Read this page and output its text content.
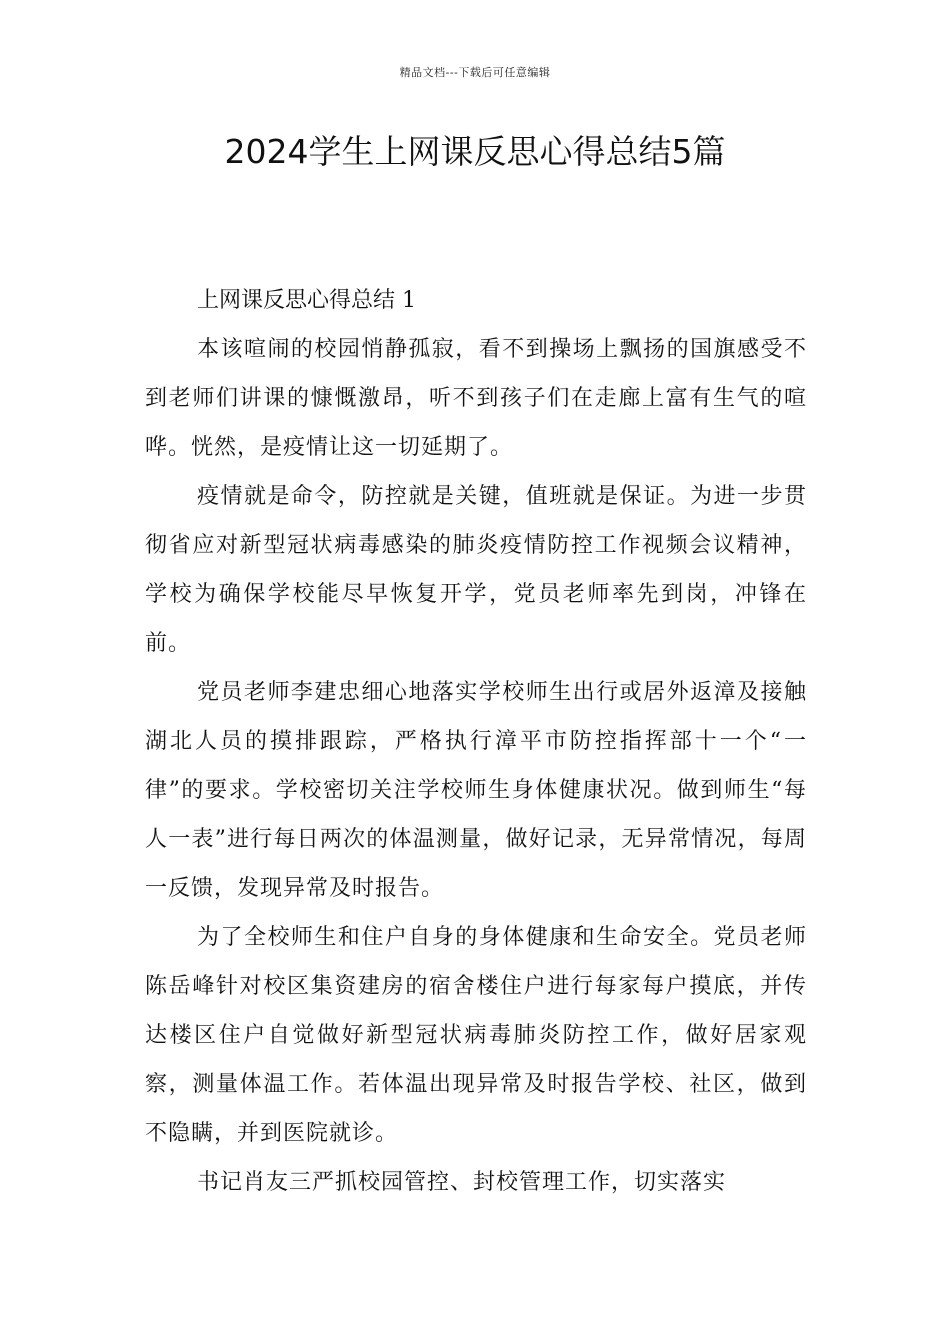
精品文档---下载后可任意编辑
2024学生上网课反思心得总结5篇

上网课反思心得总结 1

本该喧闹的校园悄静孤寂，看不到操场上飘扬的国旗感受不到老师们讲课的慷慨激昂，听不到孩子们在走廊上富有生气的喧哗。恍然，是疫情让这一切延期了。

疫情就是命令，防控就是关键，值班就是保证。为进一步贯彻省应对新型冠状病毒感染的肺炎疫情防控工作视频会议精神，学校为确保学校能尽早恢复开学，党员老师率先到岗，冲锋在前。

党员老师李建忠细心地落实学校师生出行或居外返漳及接触湖北人员的摸排跟踪，严格执行漳平市防控指挥部十一个“一律”的要求。学校密切关注学校师生身体健康状况。做到师生“每人一表”进行每日两次的体温测量，做好记录，无异常情况，每周一反馈，发现异常及时报告。

为了全校师生和住户自身的身体健康和生命安全。党员老师陈岳峰针对校区集资建房的宿舍楼住户进行每家每户摸底，并传达楼区住户自觉做好新型冠状病毒肺炎防控工作，做好居家观察，测量体温工作。若体温出现异常及时报告学校、社区，做到不隐瞒，并到医院就诊。

书记肖友三严抓校园管控、封校管理工作，切实落实
